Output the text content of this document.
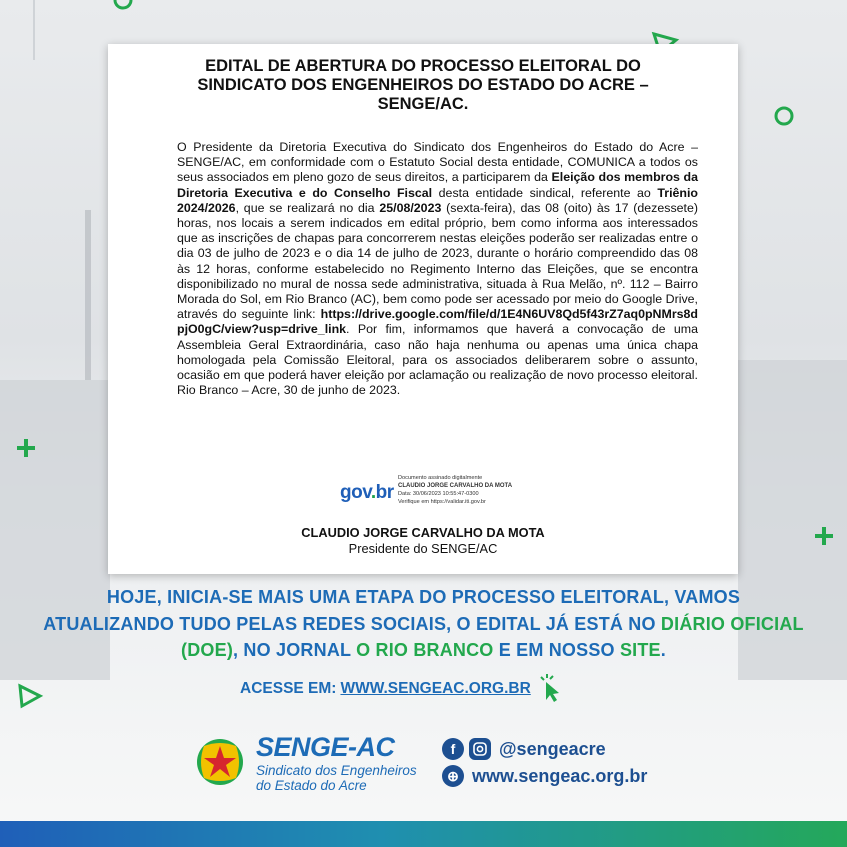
EDITAL DE ABERTURA DO PROCESSO ELEITORAL DO SINDICATO DOS ENGENHEIROS DO ESTADO DO ACRE – SENGE/AC.
O Presidente da Diretoria Executiva do Sindicato dos Engenheiros do Estado do Acre – SENGE/AC, em conformidade com o Estatuto Social desta entidade, COMUNICA a todos os seus associados em pleno gozo de seus direitos, a participarem da Eleição dos membros da Diretoria Executiva e do Conselho Fiscal desta entidade sindical, referente ao Triênio 2024/2026, que se realizará no dia 25/08/2023 (sexta-feira), das 08 (oito) às 17 (dezessete) horas, nos locais a serem indicados em edital próprio, bem como informa aos interessados que as inscrições de chapas para concorrerem nestas eleições poderão ser realizadas entre o dia 03 de julho de 2023 e o dia 14 de julho de 2023, durante o horário compreendido das 08 às 12 horas, conforme estabelecido no Regimento Interno das Eleições, que se encontra disponibilizado no mural de nossa sede administrativa, situada à Rua Melão, nº. 112 – Bairro Morada do Sol, em Rio Branco (AC), bem como pode ser acessado por meio do Google Drive, através do seguinte link: https://drive.google.com/file/d/1E4N6UV8Qd5f43rZ7aq0pNMrs8dpjO0gC/view?usp=drive_link. Por fim, informamos que haverá a convocação de uma Assembleia Geral Extraordinária, caso não haja nenhuma ou apenas uma única chapa homologada pela Comissão Eleitoral, para os associados deliberarem sobre o assunto, ocasião em que poderá haver eleição por aclamação ou realização de novo processo eleitoral. Rio Branco – Acre, 30 de junho de 2023.
gov.br
Documento assinado digitalmente
CLAUDIO JORGE CARVALHO DA MOTA
Data: 30/06/2023 10:55:47-0300
Verifique em https://validar.iti.gov.br
CLAUDIO JORGE CARVALHO DA MOTA
Presidente do SENGE/AC
HOJE, INICIA-SE MAIS UMA ETAPA DO PROCESSO ELEITORAL, VAMOS ATUALIZANDO TUDO PELAS REDES SOCIAIS, O EDITAL JÁ ESTÁ NO DIÁRIO OFICIAL (DOE), NO JORNAL O RIO BRANCO E EM NOSSO SITE.
ACESSE EM: WWW.SENGEAC.ORG.BR
SENGE-AC
Sindicato dos Engenheiros
do Estado do Acre
f	@sengeacre
⊕ www.sengeac.org.br
